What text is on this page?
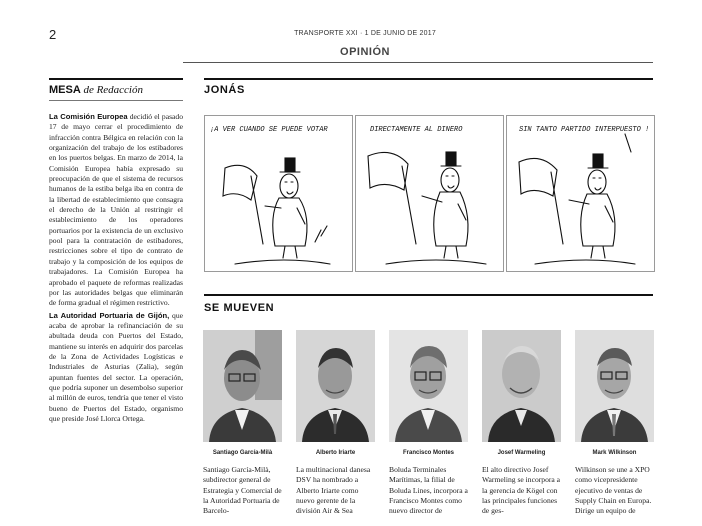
2	TRANSPORTE XXI · 1 DE JUNIO DE 2017
OPINIÓN
MESA de Redacción

La Comisión Europea decidió el pasado 17 de mayo cerrar el procedimiento de infracción contra Bélgica en relación con la organización del trabajo de los estibadores en los puertos belgas. En marzo de 2014, la Comisión Europea había expresado su preocupación de que el sistema de recursos humanos de la estiba belga iba en contra de la libertad de establecimiento que consagra el derecho de la Unión al restringir el establecimiento de los operadores portuarios por la existencia de un exclusivo pool para la contratación de estibadores, restricciones sobre el tipo de contrato de trabajo y la composición de los equipos de trabajadores. La Comisión Europea ha aprobado el paquete de reformas realizadas por las autoridades belgas que eliminarán de forma gradual el régimen restrictivo.

La Autoridad Portuaria de Gijón, que acaba de aprobar la refinanciación de su abultada deuda con Puertos del Estado, mantiene su interés en adquirir dos parcelas de la Zona de Actividades Logísticas e Industriales de Asturias (Zalia), según apuntan fuentes del sector. La operación, que podría suponer un desembolso superior al millón de euros, tendría que tener el visto bueno de Puertos del Estado, organismo que preside José Llorca Ortega.

JONÁS
¡A VER CUANDO SE PUEDE VOTAR	DIRECTAMENTE AL DINERO	SIN TANTO PARTIDO INTERPUESTO !
SE MUEVEN
Santiago García-Milà
Santiago García-Milà, subdirector general de Estrategia y Comercial de la Autoridad Portuaria de Barcelo-
Alberto Iriarte
La multinacional danesa DSV ha nombrado a Alberto Iriarte como nuevo gerente de la división Air & Sea
Francisco Montes
Boluda Terminales Marítimas, la filial de Boluda Lines, incorpora a Francisco Montes como nuevo director de
Josef Warmeling
El alto directivo Josef Warmeling se incorpora a la gerencia de Kögel con las principales funciones de ges-
Mark Wilkinson
Wilkinson se une a XPO como vicepresidente ejecutivo de ventas de Supply Chain en Europa. Dirige un equipo de
